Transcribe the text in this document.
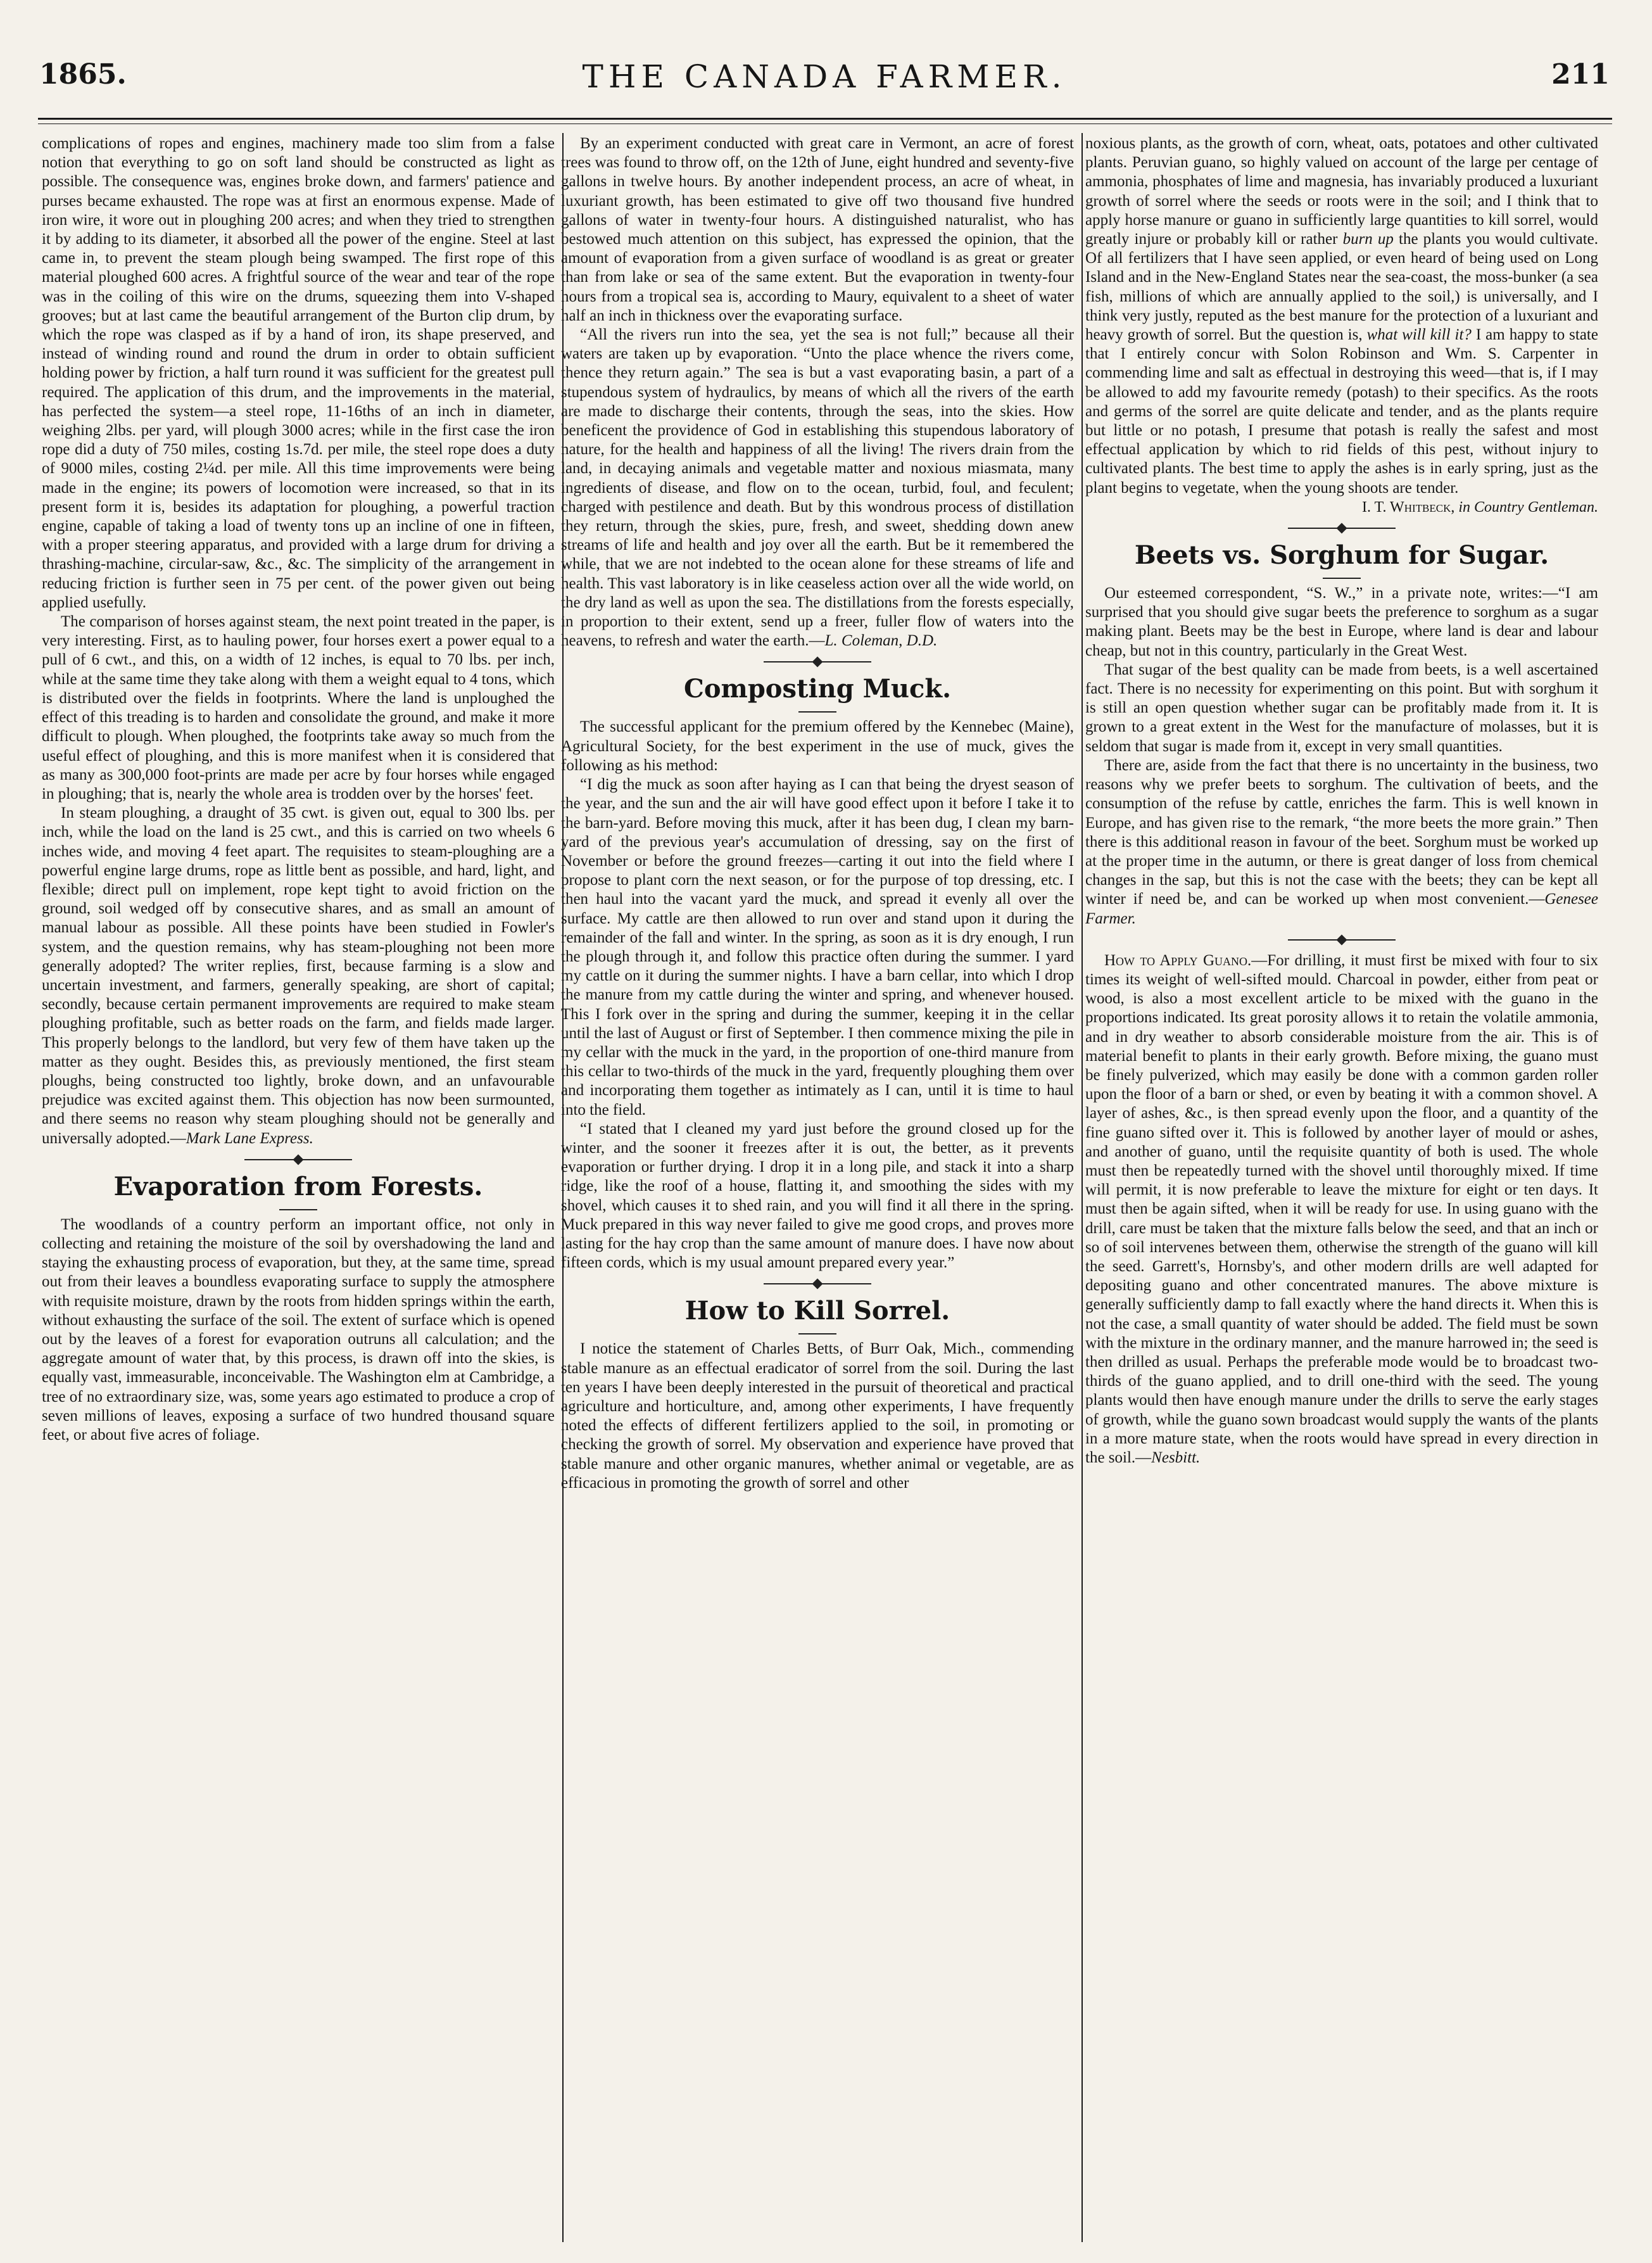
1865.	THE CANADA FARMER.	211

complications of ropes and engines, machinery made too slim from a false notion that everything to go on soft land should be constructed as light as possible. The consequence was, engines broke down, and farmers' patience and purses became exhausted. The rope was at first an enormous expense. Made of iron wire, it wore out in ploughing 200 acres; and when they tried to strengthen it by adding to its diameter, it absorbed all the power of the engine. Steel at last came in, to prevent the steam plough being swamped. The first rope of this material ploughed 600 acres. A frightful source of the wear and tear of the rope was in the coiling of this wire on the drums, squeezing them into V-shaped grooves; but at last came the beautiful arrangement of the Burton clip drum, by which the rope was clasped as if by a hand of iron, its shape preserved, and instead of winding round and round the drum in order to obtain sufficient holding power by friction, a half turn round it was sufficient for the greatest pull required. The application of this drum, and the improvements in the material, has perfected the system—a steel rope, 11-16ths of an inch in diameter, weighing 2lbs. per yard, will plough 3000 acres; while in the first case the iron rope did a duty of 750 miles, costing 1s.7d. per mile, the steel rope does a duty of 9000 miles, costing 2¼d. per mile. All this time improvements were being made in the engine; its powers of locomotion were increased, so that in its present form it is, besides its adaptation for ploughing, a powerful traction engine, capable of taking a load of twenty tons up an incline of one in fifteen, with a proper steering apparatus, and provided with a large drum for driving a thrashing-machine, circular-saw, &c., &c. The simplicity of the arrangement in reducing friction is further seen in 75 per cent. of the power given out being applied usefully.

The comparison of horses against steam, the next point treated in the paper, is very interesting. First, as to hauling power, four horses exert a power equal to a pull of 6 cwt., and this, on a width of 12 inches, is equal to 70 lbs. per inch, while at the same time they take along with them a weight equal to 4 tons, which is distributed over the fields in footprints. Where the land is unploughed the effect of this treading is to harden and consolidate the ground, and make it more difficult to plough. When ploughed, the footprints take away so much from the useful effect of ploughing, and this is more manifest when it is considered that as many as 300,000 foot-prints are made per acre by four horses while engaged in ploughing; that is, nearly the whole area is trodden over by the horses' feet.

In steam ploughing, a draught of 35 cwt. is given out, equal to 300 lbs. per inch, while the load on the land is 25 cwt., and this is carried on two wheels 6 inches wide, and moving 4 feet apart. The requisites to steam-ploughing are a powerful engine large drums, rope as little bent as possible, and hard, light, and flexible; direct pull on implement, rope kept tight to avoid friction on the ground, soil wedged off by consecutive shares, and as small an amount of manual labour as possible. All these points have been studied in Fowler's system, and the question remains, why has steam-ploughing not been more generally adopted? The writer replies, first, because farming is a slow and uncertain investment, and farmers, generally speaking, are short of capital; secondly, because certain permanent improvements are required to make steam ploughing profitable, such as better roads on the farm, and fields made larger. This properly belongs to the landlord, but very few of them have taken up the matter as they ought. Besides this, as previously mentioned, the first steam ploughs, being constructed too lightly, broke down, and an unfavourable prejudice was excited against them. This objection has now been surmounted, and there seems no reason why steam ploughing should not be generally and universally adopted.—Mark Lane Express.

Evaporation from Forests.

The woodlands of a country perform an important office, not only in collecting and retaining the moisture of the soil by overshadowing the land and staying the exhausting process of evaporation, but they, at the same time, spread out from their leaves a boundless evaporating surface to supply the atmosphere with requisite moisture, drawn by the roots from hidden springs within the earth, without exhausting the surface of the soil. The extent of surface which is opened out by the leaves of a forest for evaporation outruns all calculation; and the aggregate amount of water that, by this process, is drawn off into the skies, is equally vast, immeasurable, inconceivable. The Washington elm at Cambridge, a tree of no extraordinary size, was, some years ago estimated to produce a crop of seven millions of leaves, exposing a surface of two hundred thousand square feet, or about five acres of foliage.

By an experiment conducted with great care in Vermont, an acre of forest trees was found to throw off, on the 12th of June, eight hundred and seventy-five gallons in twelve hours. By another independent process, an acre of wheat, in luxuriant growth, has been estimated to give off two thousand five hundred gallons of water in twenty-four hours. A distinguished naturalist, who has bestowed much attention on this subject, has expressed the opinion, that the amount of evaporation from a given surface of woodland is as great or greater than from lake or sea of the same extent. But the evaporation in twenty-four hours from a tropical sea is, according to Maury, equivalent to a sheet of water half an inch in thickness over the evaporating surface.

“All the rivers run into the sea, yet the sea is not full;” because all their waters are taken up by evaporation. “Unto the place whence the rivers come, thence they return again.” The sea is but a vast evaporating basin, a part of a stupendous system of hydraulics, by means of which all the rivers of the earth are made to discharge their contents, through the seas, into the skies. How beneficent the providence of God in establishing this stupendous laboratory of nature, for the health and happiness of all the living! The rivers drain from the land, in decaying animals and vegetable matter and noxious miasmata, many ingredients of disease, and flow on to the ocean, turbid, foul, and feculent; charged with pestilence and death. But by this wondrous process of distillation they return, through the skies, pure, fresh, and sweet, shedding down anew streams of life and health and joy over all the earth. But be it remembered the while, that we are not indebted to the ocean alone for these streams of life and health. This vast laboratory is in like ceaseless action over all the wide world, on the dry land as well as upon the sea. The distillations from the forests especially, in proportion to their extent, send up a freer, fuller flow of waters into the heavens, to refresh and water the earth.—L. Coleman, D.D.

Composting Muck.

The successful applicant for the premium offered by the Kennebec (Maine), Agricultural Society, for the best experiment in the use of muck, gives the following as his method:

“I dig the muck as soon after haying as I can that being the dryest season of the year, and the sun and the air will have good effect upon it before I take it to the barn-yard. Before moving this muck, after it has been dug, I clean my barn-yard of the previous year's accumulation of dressing, say on the first of November or before the ground freezes—carting it out into the field where I propose to plant corn the next season, or for the purpose of top dressing, etc. I then haul into the vacant yard the muck, and spread it evenly all over the surface. My cattle are then allowed to run over and stand upon it during the remainder of the fall and winter. In the spring, as soon as it is dry enough, I run the plough through it, and follow this practice often during the summer. I yard my cattle on it during the summer nights. I have a barn cellar, into which I drop the manure from my cattle during the winter and spring, and whenever housed. This I fork over in the spring and during the summer, keeping it in the cellar until the last of August or first of September. I then commence mixing the pile in my cellar with the muck in the yard, in the proportion of one-third manure from this cellar to two-thirds of the muck in the yard, frequently ploughing them over and incorporating them together as intimately as I can, until it is time to haul into the field.

“I stated that I cleaned my yard just before the ground closed up for the winter, and the sooner it freezes after it is out, the better, as it prevents evaporation or further drying. I drop it in a long pile, and stack it into a sharp ridge, like the roof of a house, flatting it, and smoothing the sides with my shovel, which causes it to shed rain, and you will find it all there in the spring. Muck prepared in this way never failed to give me good crops, and proves more lasting for the hay crop than the same amount of manure does. I have now about fifteen cords, which is my usual amount prepared every year.”

How to Kill Sorrel.

I notice the statement of Charles Betts, of Burr Oak, Mich., commending stable manure as an effectual eradicator of sorrel from the soil. During the last ten years I have been deeply interested in the pursuit of theoretical and practical agriculture and horticulture, and, among other experiments, I have frequently noted the effects of different fertilizers applied to the soil, in promoting or checking the growth of sorrel. My observation and experience have proved that stable manure and other organic manures, whether animal or vegetable, are as efficacious in promoting the growth of sorrel and other

noxious plants, as the growth of corn, wheat, oats, potatoes and other cultivated plants. Peruvian guano, so highly valued on account of the large per centage of ammonia, phosphates of lime and magnesia, has invariably produced a luxuriant growth of sorrel where the seeds or roots were in the soil; and I think that to apply horse manure or guano in sufficiently large quantities to kill sorrel, would greatly injure or probably kill or rather burn up the plants you would cultivate. Of all fertilizers that I have seen applied, or even heard of being used on Long Island and in the New-England States near the sea-coast, the moss-bunker (a sea fish, millions of which are annually applied to the soil,) is universally, and I think very justly, reputed as the best manure for the protection of a luxuriant and heavy growth of sorrel. But the question is, what will kill it? I am happy to state that I entirely concur with Solon Robinson and Wm. S. Carpenter in commending lime and salt as effectual in destroying this weed—that is, if I may be allowed to add my favourite remedy (potash) to their specifics. As the roots and germs of the sorrel are quite delicate and tender, and as the plants require but little or no potash, I presume that potash is really the safest and most effectual application by which to rid fields of this pest, without injury to cultivated plants. The best time to apply the ashes is in early spring, just as the plant begins to vegetate, when the young shoots are tender.

I. T. Whitbeck, in Country Gentleman.

Beets vs. Sorghum for Sugar.

Our esteemed correspondent, “S. W.,” in a private note, writes:—“I am surprised that you should give sugar beets the preference to sorghum as a sugar making plant. Beets may be the best in Europe, where land is dear and labour cheap, but not in this country, particularly in the Great West.

That sugar of the best quality can be made from beets, is a well ascertained fact. There is no necessity for experimenting on this point. But with sorghum it is still an open question whether sugar can be profitably made from it. It is grown to a great extent in the West for the manufacture of molasses, but it is seldom that sugar is made from it, except in very small quantities.

There are, aside from the fact that there is no uncertainty in the business, two reasons why we prefer beets to sorghum. The cultivation of beets, and the consumption of the refuse by cattle, enriches the farm. This is well known in Europe, and has given rise to the remark, “the more beets the more grain.” Then there is this additional reason in favour of the beet. Sorghum must be worked up at the proper time in the autumn, or there is great danger of loss from chemical changes in the sap, but this is not the case with the beets; they can be kept all winter if need be, and can be worked up when most convenient.—Genesee Farmer.

How to Apply Guano.—For drilling, it must first be mixed with four to six times its weight of well-sifted mould. Charcoal in powder, either from peat or wood, is also a most excellent article to be mixed with the guano in the proportions indicated. Its great porosity allows it to retain the volatile ammonia, and in dry weather to absorb considerable moisture from the air. This is of material benefit to plants in their early growth. Before mixing, the guano must be finely pulverized, which may easily be done with a common garden roller upon the floor of a barn or shed, or even by beating it with a common shovel. A layer of ashes, &c., is then spread evenly upon the floor, and a quantity of the fine guano sifted over it. This is followed by another layer of mould or ashes, and another of guano, until the requisite quantity of both is used. The whole must then be repeatedly turned with the shovel until thoroughly mixed. If time will permit, it is now preferable to leave the mixture for eight or ten days. It must then be again sifted, when it will be ready for use. In using guano with the drill, care must be taken that the mixture falls below the seed, and that an inch or so of soil intervenes between them, otherwise the strength of the guano will kill the seed. Garrett's, Hornsby's, and other modern drills are well adapted for depositing guano and other concentrated manures. The above mixture is generally sufficiently damp to fall exactly where the hand directs it. When this is not the case, a small quantity of water should be added. The field must be sown with the mixture in the ordinary manner, and the manure harrowed in; the seed is then drilled as usual. Perhaps the preferable mode would be to broadcast two-thirds of the guano applied, and to drill one-third with the seed. The young plants would then have enough manure under the drills to serve the early stages of growth, while the guano sown broadcast would supply the wants of the plants in a more mature state, when the roots would have spread in every direction in the soil.—Nesbitt.
